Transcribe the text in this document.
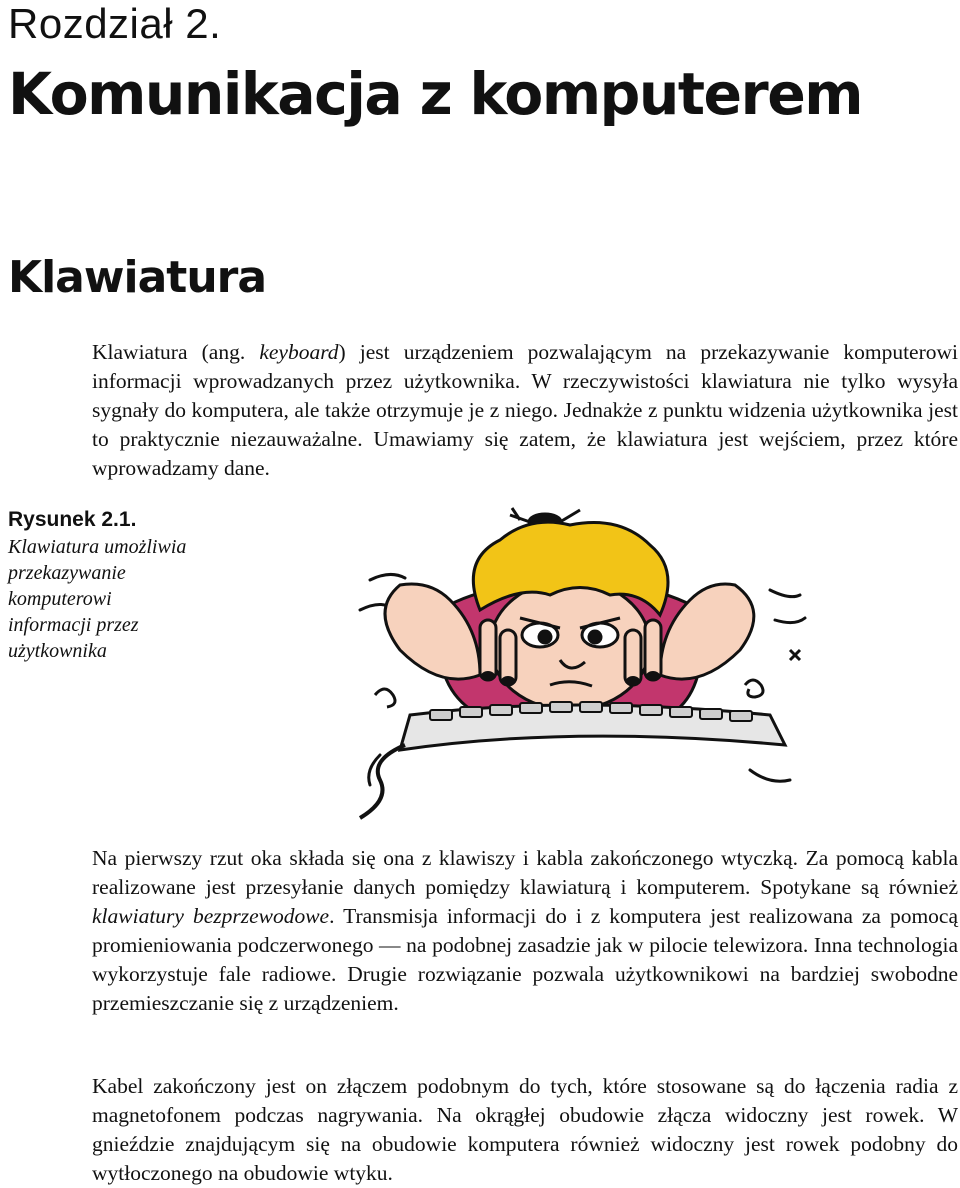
Rozdział 2.
Komunikacja z komputerem
Klawiatura

Klawiatura (ang. keyboard) jest urządzeniem pozwalającym na przekazywanie komputerowi informacji wprowadzanych przez użytkownika. W rzeczywistości klawiatura nie tylko wysyła sygnały do komputera, ale także otrzymuje je z niego. Jednakże z punktu widzenia użytkownika jest to praktycznie niezauważalne. Umawiamy się zatem, że klawiatura jest wejściem, przez które wprowadzamy dane.

Rysunek 2.1.
Klawiatura umożliwia przekazywanie komputerowi informacji przez użytkownika

Na pierwszy rzut oka składa się ona z klawiszy i kabla zakończonego wtyczką. Za pomocą kabla realizowane jest przesyłanie danych pomiędzy klawiaturą i komputerem. Spotykane są również klawiatury bezprzewodowe. Transmisja informacji do i z komputera jest realizowana za pomocą promieniowania podczerwonego — na podobnej zasadzie jak w pilocie telewizora. Inna technologia wykorzystuje fale radiowe. Drugie rozwiązanie pozwala użytkownikowi na bardziej swobodne przemieszczanie się z urządzeniem.

Kabel zakończony jest on złączem podobnym do tych, które stosowane są do łączenia radia z magnetofonem podczas nagrywania. Na okrągłej obudowie złącza widoczny jest rowek. W gnieździe znajdującym się na obudowie komputera również widoczny jest rowek podobny do wytłoczonego na obudowie wtyku.
